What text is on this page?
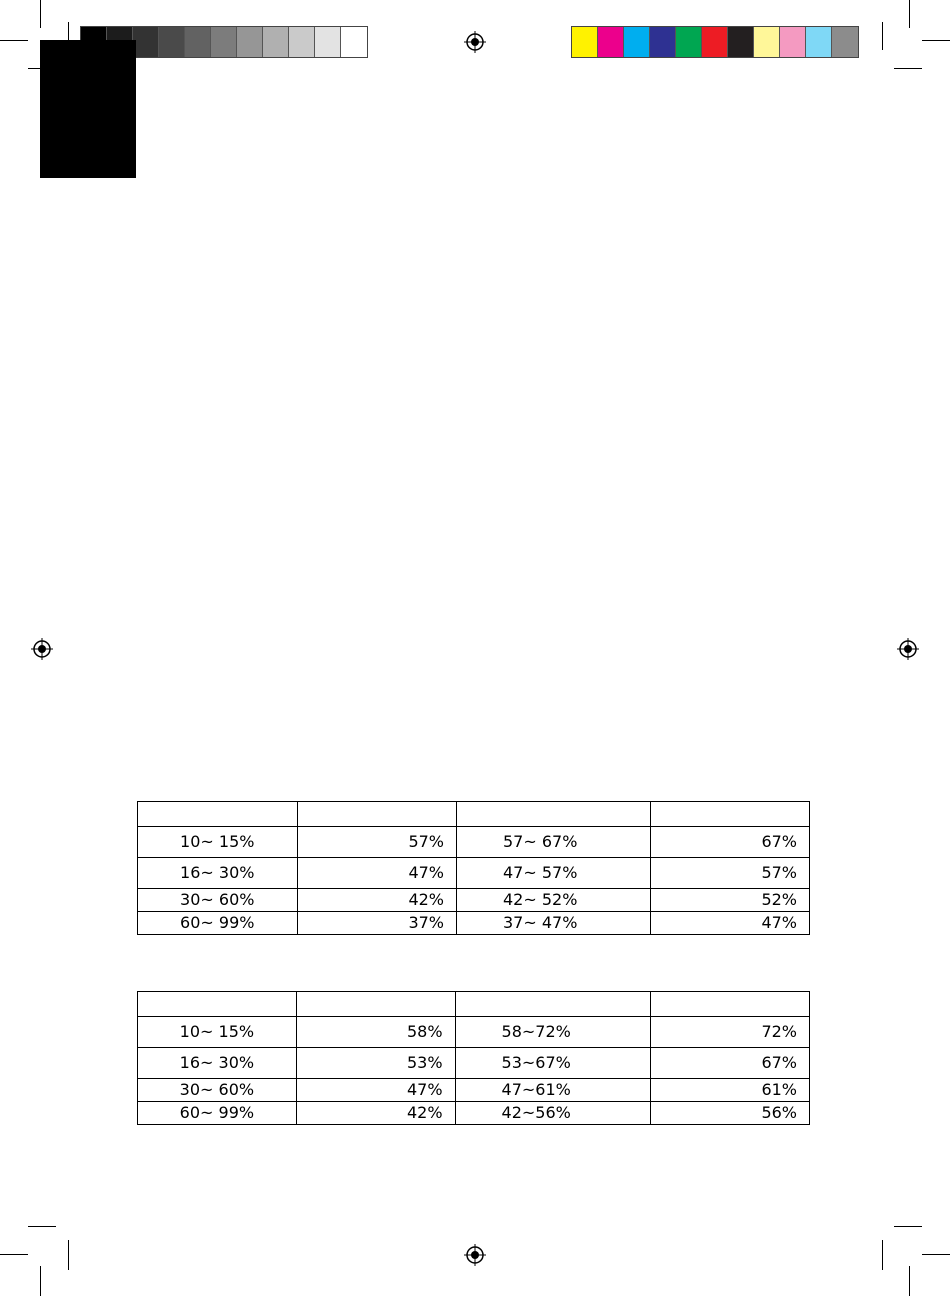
10~ 15%	57%	57~ 67%	67%
16~ 30%	47%	47~ 57%	57%
30~ 60%	42%	42~ 52%	52%
60~ 99%	37%	37~ 47%	47%

10~ 15%	58%	58~72%	72%
16~ 30%	53%	53~67%	67%
30~ 60%	47%	47~61%	61%
60~ 99%	42%	42~56%	56%
